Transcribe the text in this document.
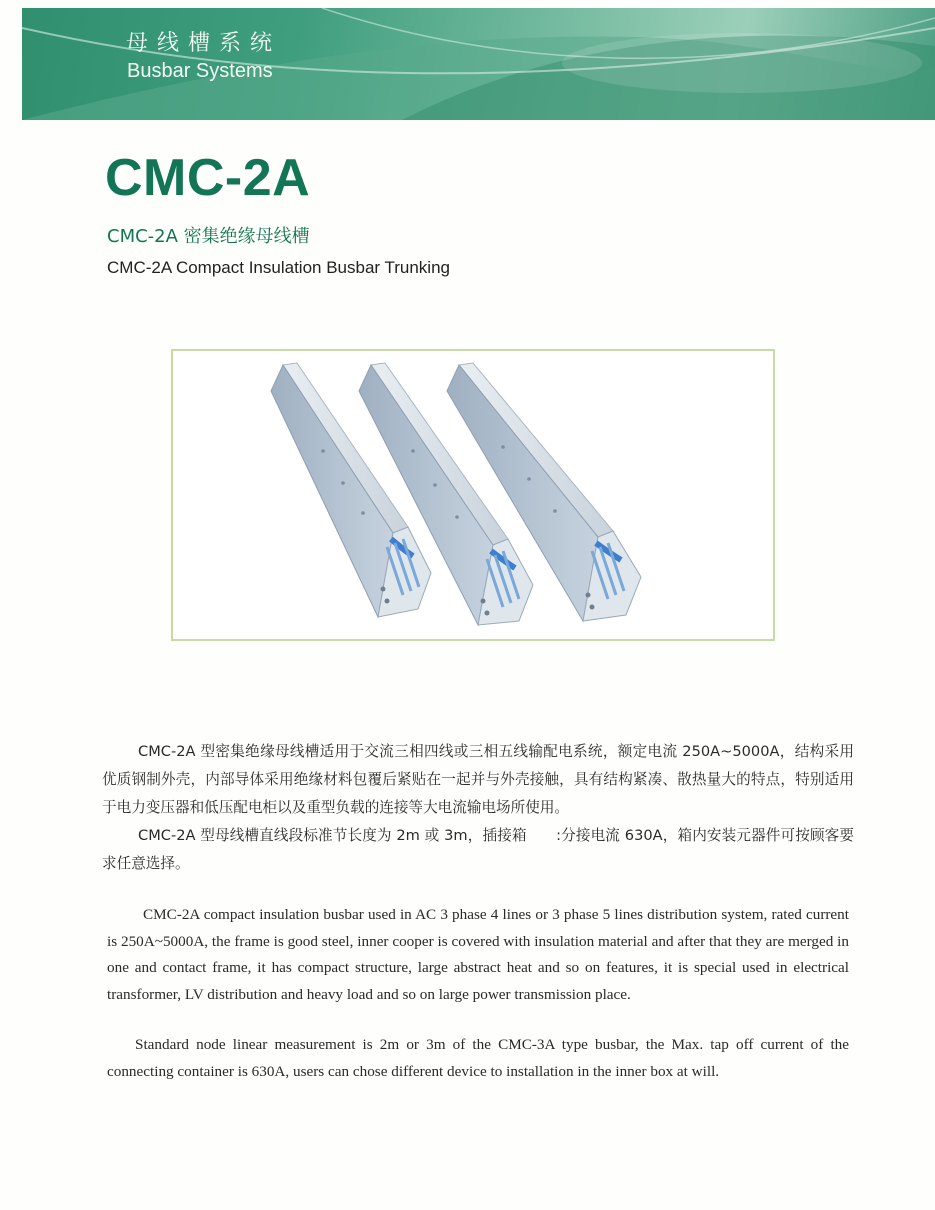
母线槽系统
Busbar Systems
CMC-2A
CMC-2A 密集绝缘母线槽
CMC-2A Compact Insulation Busbar Trunking
CMC-2A 型密集绝缘母线槽适用于交流三相四线或三相五线输配电系统，额定电流 250A~5000A，结构采用优质钢制外壳，内部导体采用绝缘材料包覆后紧贴在一起并与外壳接触，具有结构紧凑、散热量大的特点，特别适用于电力变压器和低压配电柜以及重型负载的连接等大电流输电场所使用。
CMC-2A 型母线槽直线段标准节长度为 2m 或 3m，插接箱　　:分接电流 630A，箱内安装元器件可按顾客要求任意选择。
CMC-2A compact insulation busbar used in AC 3 phase 4 lines or 3 phase 5 lines distribution system, rated current is 250A~5000A, the frame is good steel, inner cooper is covered with insulation material and after that they are merged in one and contact frame, it has compact structure, large abstract heat and so on features, it is special used in electrical transformer, LV distribution and heavy load and so on large power transmission place.
Standard node linear measurement is 2m or 3m of the CMC-3A type busbar, the Max. tap off current of the connecting container is 630A, users can chose different device to installation in the inner box at will.
